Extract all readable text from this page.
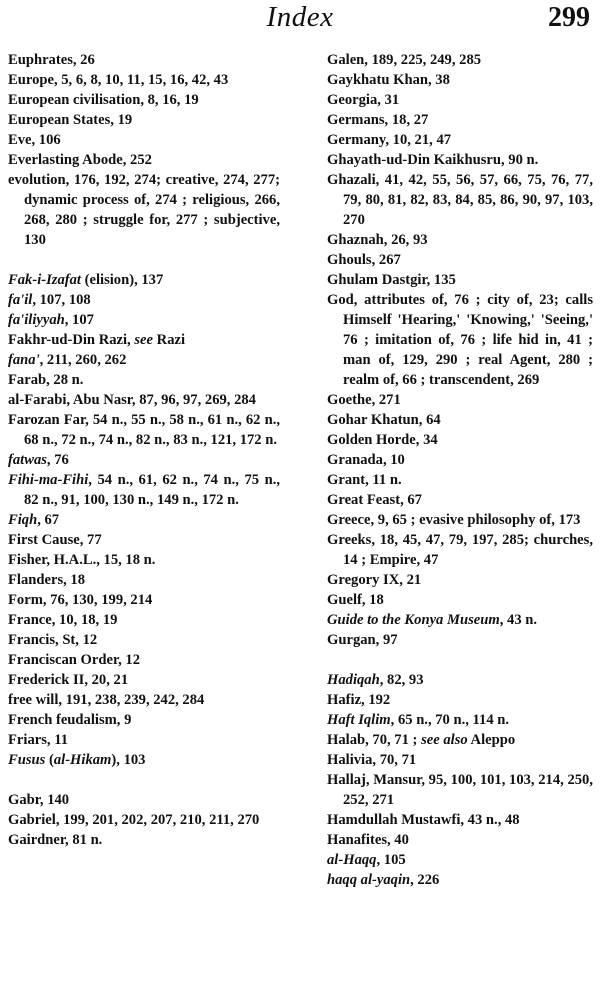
Index	299
Euphrates, 26
Europe, 5, 6, 8, 10, 11, 15, 16, 42, 43
European civilisation, 8, 16, 19
European States, 19
Eve, 106
Everlasting Abode, 252
evolution, 176, 192, 274; creative, 274, 277; dynamic process of, 274 ; religious, 266, 268, 280 ; struggle for, 277 ; subjective, 130
Fak-i-Izafat (elision), 137
fa'il, 107, 108
fa'iliyyah, 107
Fakhr-ud-Din Razi, see Razi
fana', 211, 260, 262
Farab, 28 n.
al-Farabi, Abu Nasr, 87, 96, 97, 269, 284
Farozan Far, 54 n., 55 n., 58 n., 61 n., 62 n., 68 n., 72 n., 74 n., 82 n., 83 n., 121, 172 n.
fatwas, 76
Fihi-ma-Fihi, 54 n., 61, 62 n., 74 n., 75 n., 82 n., 91, 100, 130 n., 149 n., 172 n.
Fiqh, 67
First Cause, 77
Fisher, H.A.L., 15, 18 n.
Flanders, 18
Form, 76, 130, 199, 214
France, 10, 18, 19
Francis, St, 12
Franciscan Order, 12
Frederick II, 20, 21
free will, 191, 238, 239, 242, 284
French feudalism, 9
Friars, 11
Fusus (al-Hikam), 103
Gabr, 140
Gabriel, 199, 201, 202, 207, 210, 211, 270
Gairdner, 81 n.
Galen, 189, 225, 249, 285
Gaykhatu Khan, 38
Georgia, 31
Germans, 18, 27
Germany, 10, 21, 47
Ghayath-ud-Din Kaikhusru, 90 n.
Ghazali, 41, 42, 55, 56, 57, 66, 75, 76, 77, 79, 80, 81, 82, 83, 84, 85, 86, 90, 97, 103, 270
Ghaznah, 26, 93
Ghouls, 267
Ghulam Dastgir, 135
God, attributes of, 76 ; city of, 23; calls Himself 'Hearing,' 'Knowing,' 'Seeing,' 76 ; imitation of, 76 ; life hid in, 41 ; man of, 129, 290 ; real Agent, 280 ; realm of, 66 ; transcendent, 269
Goethe, 271
Gohar Khatun, 64
Golden Horde, 34
Granada, 10
Grant, 11 n.
Great Feast, 67
Greece, 9, 65 ; evasive philosophy of, 173
Greeks, 18, 45, 47, 79, 197, 285; churches, 14 ; Empire, 47
Gregory IX, 21
Guelf, 18
Guide to the Konya Museum, 43 n.
Gurgan, 97
Hadiqah, 82, 93
Hafiz, 192
Haft Iqlim, 65 n., 70 n., 114 n.
Halab, 70, 71 ; see also Aleppo
Halivia, 70, 71
Hallaj, Mansur, 95, 100, 101, 103, 214, 250, 252, 271
Hamdullah Mustawfi, 43 n., 48
Hanafites, 40
al-Haqq, 105
haqq al-yaqin, 226
